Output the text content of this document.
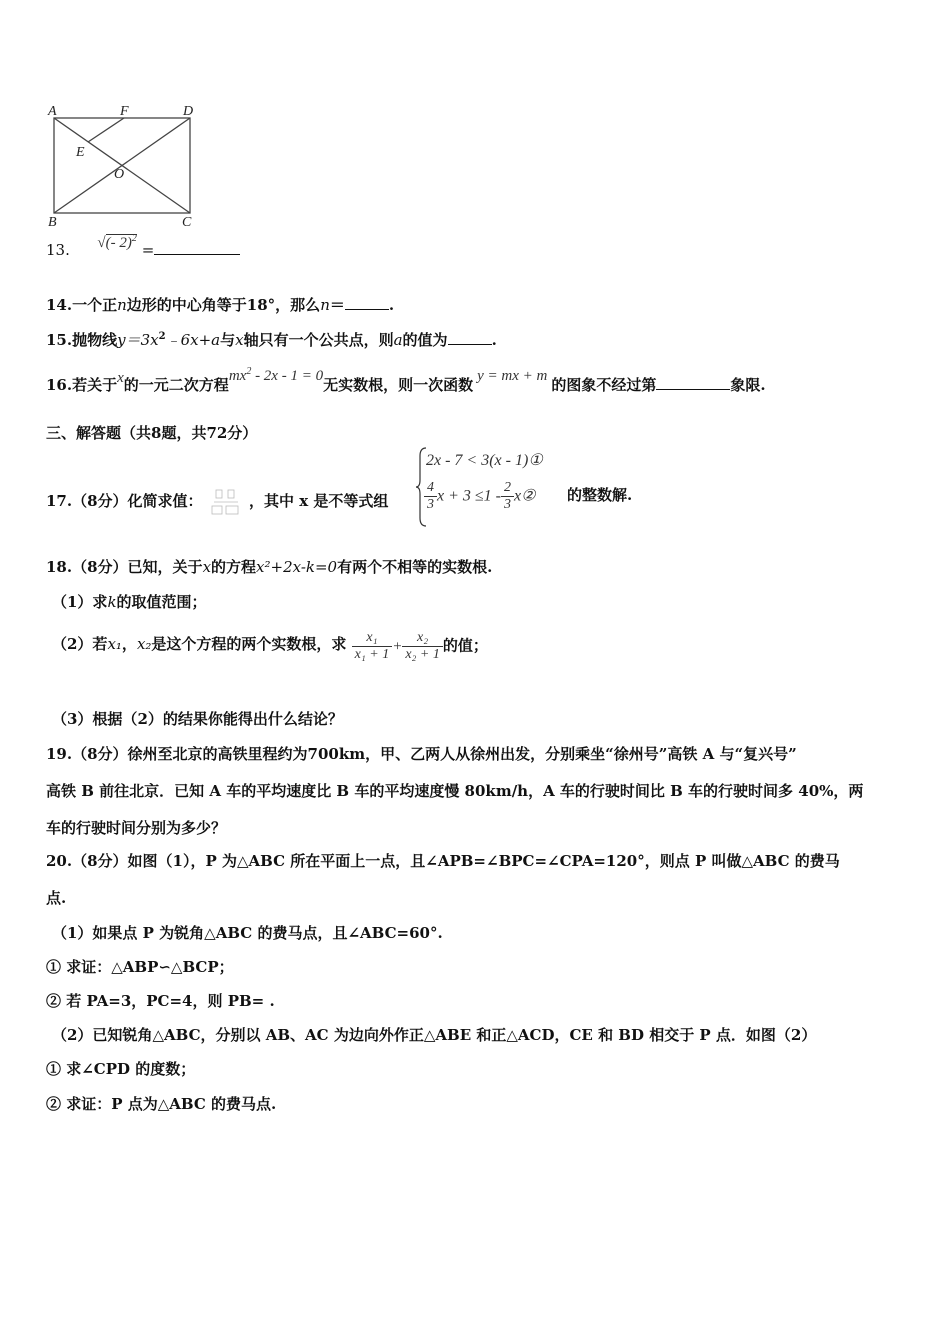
A	F	D
E
O
B	C
13. √(- 2)$^2$ =
14.一个正n边形的中心角等于18°，那么n＝	.
15.抛物线$y=3x^2﹣6x+a$与x轴只有一个公共点，则a的值为	.
16.若关于x的一元二次方程$mx^2 - 2x - 1 = 0$无实数根，则一次函数 y = mx + m 的图象不经过第	象限.
三、解答题（共8题，共72分）
17.（8分）化简求值：	，其中 x 是不等式组
2x - 7 < 3(x - 1)①
$\frac{4}{3}$ $x + 3 \le 1 - \frac{2}{3}$ x② 的整数解.
18.（8分）已知，关于x的方程x²+2x-k=0有两个不相等的实数根.
（1）求k的取值范围；
（2）若x₁，x₂是这个方程的两个实数根，求 $\frac{\text{x₁}}{\text{x₁ + 1}} + \frac{\text{x₂}}{\text{x₂ + 1}}$ 的值；
（3）根据（2）的结果你能得出什么结论？
19.（8分）徐州至北京的高铁里程约为700km，甲、乙两人从徐州出发，分别乘坐“徐州号”高铁 A 与“复兴号”
高铁 B 前往北京．已知 A 车的平均速度比 B 车的平均速度慢 80km/h，A 车的行驶时间比 B 车的行驶时间多 40%，两
车的行驶时间分别为多少？
20.（8分）如图（1），P 为△ABC 所在平面上一点，且∠APB=∠BPC=∠CPA=120°，则点 P 叫做△ABC 的费马
点.
（1）如果点 P 为锐角△ABC 的费马点，且∠ABC=60°.
① 求证：△ABP∽△BCP；
② 若 PA=3，PC=4，则 PB= .
（2）已知锐角△ABC，分别以 AB、AC 为边向外作正△ABE 和正△ACD，CE 和 BD 相交于 P 点．如图（2）
① 求∠CPD 的度数；
② 求证：P 点为△ABC 的费马点.
